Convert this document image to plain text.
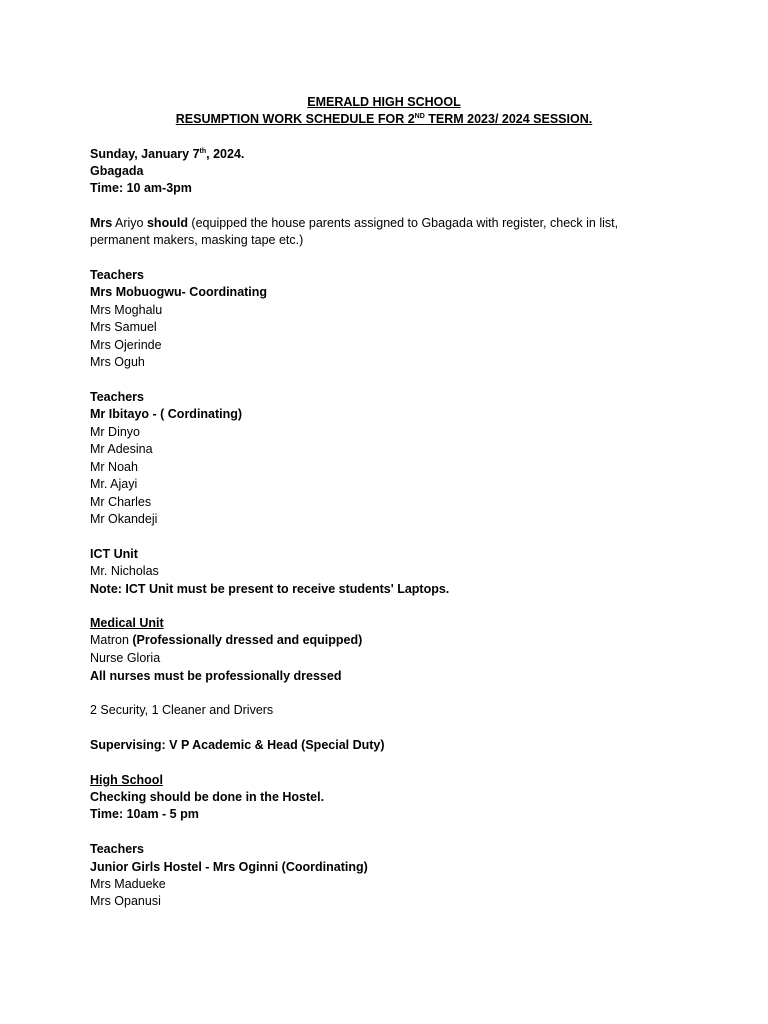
EMERALD HIGH SCHOOL
RESUMPTION WORK SCHEDULE FOR 2ND TERM 2023/ 2024 SESSION.
Sunday, January 7th, 2024.
Gbagada
Time: 10 am-3pm
Mrs Ariyo should (equipped the house parents assigned to Gbagada with register, check in list,
permanent makers, masking tape etc.)
Teachers
Mrs Mobuogwu- Coordinating
Mrs Moghalu
Mrs Samuel
Mrs Ojerinde
Mrs Oguh
Teachers
Mr Ibitayo - ( Cordinating)
Mr Dinyo
Mr Adesina
Mr Noah
Mr. Ajayi
Mr Charles
Mr Okandeji
ICT Unit
Mr. Nicholas
Note: ICT Unit must be present to receive students' Laptops.
Medical Unit
Matron (Professionally dressed and equipped)
Nurse Gloria
All nurses must be professionally dressed
2 Security, 1 Cleaner and Drivers
Supervising: V P Academic & Head (Special Duty)
High School
Checking should be done in the Hostel.
Time: 10am - 5 pm
Teachers
Junior Girls Hostel - Mrs Oginni (Coordinating)
Mrs Madueke
Mrs Opanusi
